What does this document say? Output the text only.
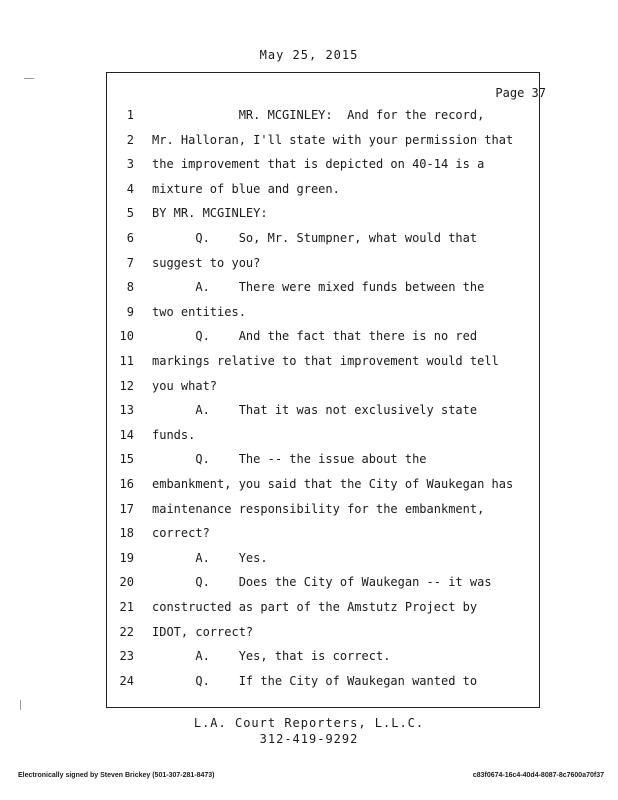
May 25, 2015
Page 37
1 MR. MCGINLEY:  And for the record,
2 Mr. Halloran, I'll state with your permission that
3 the improvement that is depicted on 40-14 is a
4 mixture of blue and green.
5 BY MR. MCGINLEY:
6 Q.    So, Mr. Stumpner, what would that
7 suggest to you?
8 A.    There were mixed funds between the
9 two entities.
10 Q.    And the fact that there is no red
11 markings relative to that improvement would tell
12 you what?
13 A.    That it was not exclusively state
14 funds.
15 Q.    The -- the issue about the
16 embankment, you said that the City of Waukegan has
17 maintenance responsibility for the embankment,
18 correct?
19 A.    Yes.
20 Q.    Does the City of Waukegan -- it was
21 constructed as part of the Amstutz Project by
22 IDOT, correct?
23 A.    Yes, that is correct.
24 Q.    If the City of Waukegan wanted to
L.A. Court Reporters, L.L.C.
312-419-9292
Electronically signed by Steven Brickey (501-307-281-8473)	c83f0674-16c4-40d4-8087-8c7600a70f37
